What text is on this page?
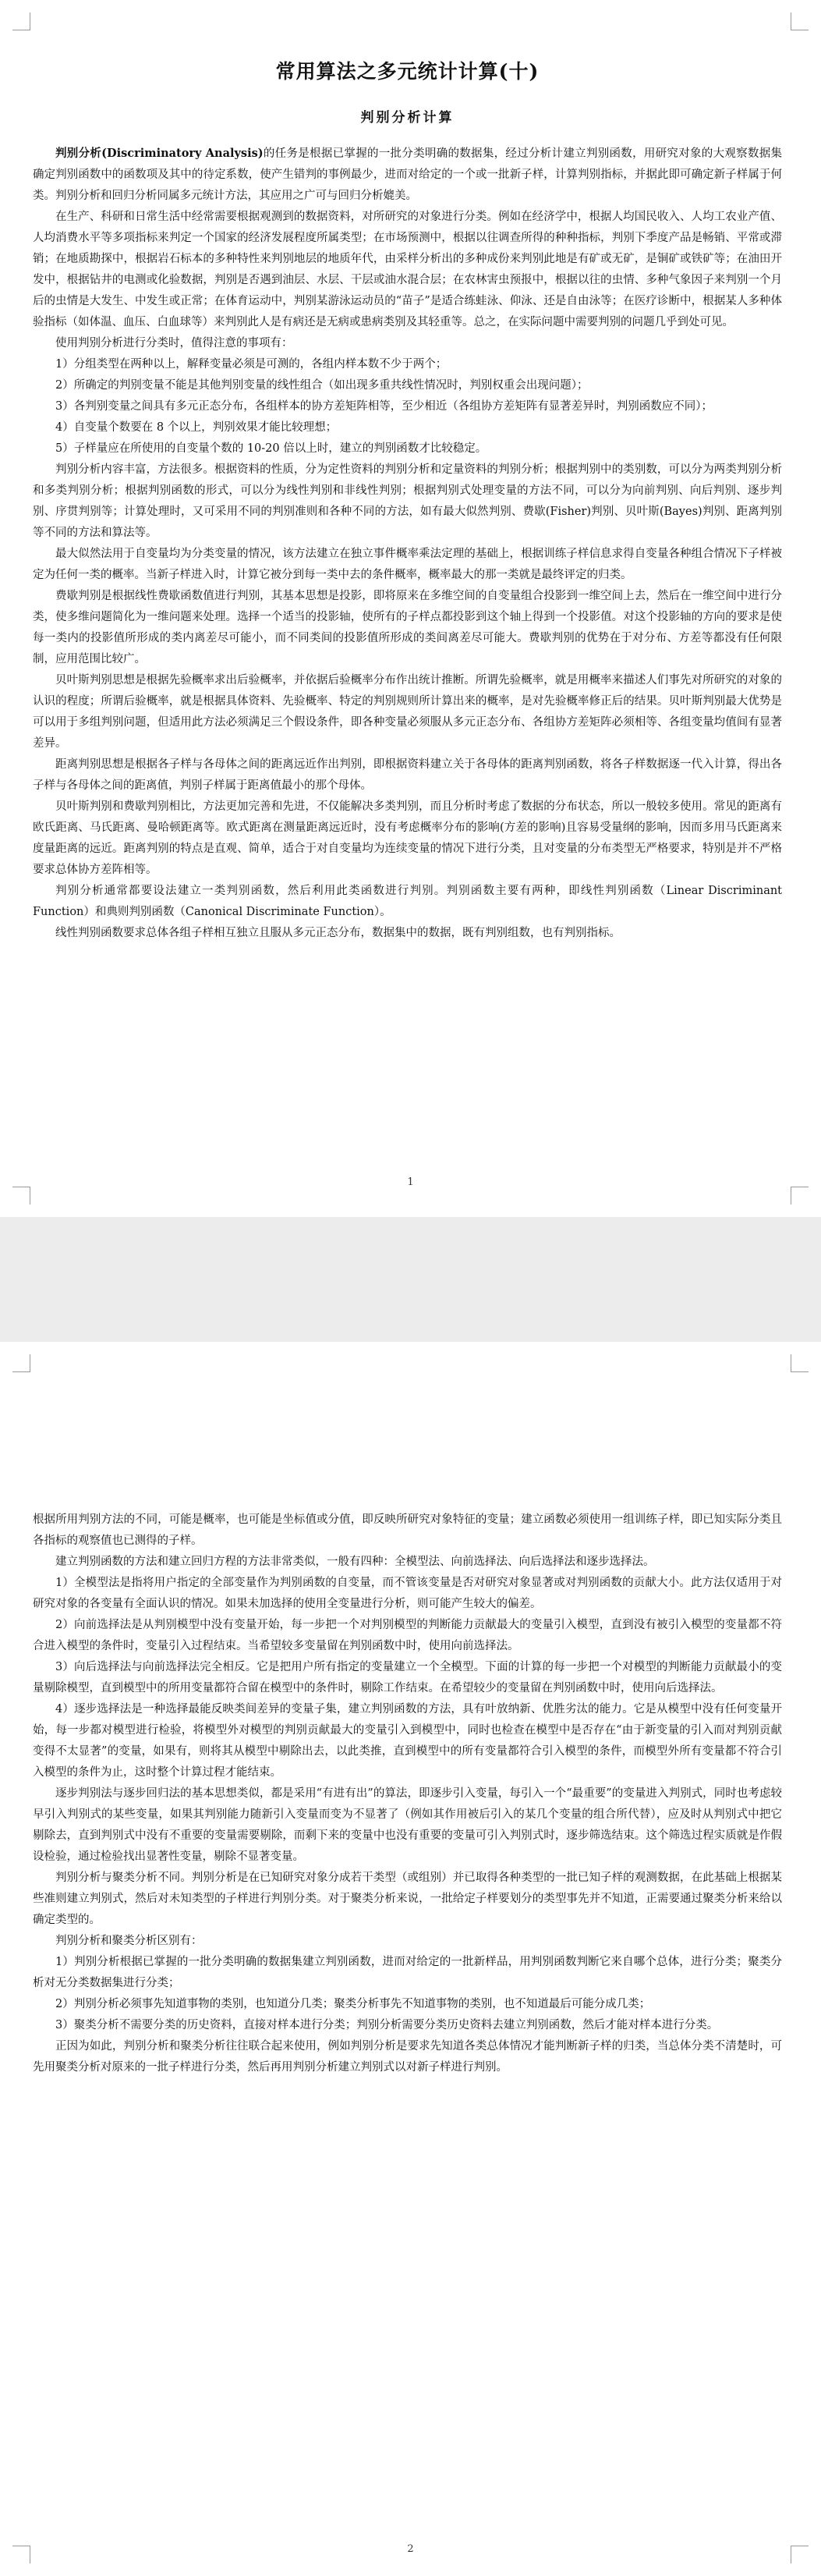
常用算法之多元统计计算(十)
判别分析计算

判别分析(Discriminatory Analysis)的任务是根据已掌握的一批分类明确的数据集，经过分析计建立判别函数，用研究对象的大观察数据集确定判别函数中的函数项及其中的待定系数，使产生错判的事例最少，进而对给定的一个或一批新子样，计算判别指标，并据此即可确定新子样属于何类。判别分析和回归分析同属多元统计方法，其应用之广可与回归分析媲美。

在生产、科研和日常生活中经常需要根据观测到的数据资料，对所研究的对象进行分类。例如在经济学中，根据人均国民收入、人均工农业产值、人均消费水平等多项指标来判定一个国家的经济发展程度所属类型；在市场预测中，根据以往调查所得的种种指标，判别下季度产品是畅销、平常或滞销；在地质勘探中，根据岩石标本的多种特性来判别地层的地质年代，由采样分析出的多种成份来判别此地是有矿或无矿，是铜矿或铁矿等；在油田开发中，根据钻井的电测或化验数据，判别是否遇到油层、水层、干层或油水混合层；在农林害虫预报中，根据以往的虫情、多种气象因子来判别一个月后的虫情是大发生、中发生或正常；在体育运动中，判别某游泳运动员的“苗子”是适合练蛙泳、仰泳、还是自由泳等；在医疗诊断中，根据某人多种体验指标（如体温、血压、白血球等）来判别此人是有病还是无病或患病类别及其轻重等。总之，在实际问题中需要判别的问题几乎到处可见。

使用判别分析进行分类时，值得注意的事项有：

1）分组类型在两种以上，解释变量必须是可测的，各组内样本数不少于两个；

2）所确定的判别变量不能是其他判别变量的线性组合（如出现多重共线性情况时，判别权重会出现问题）；

3）各判别变量之间具有多元正态分布，各组样本的协方差矩阵相等，至少相近（各组协方差矩阵有显著差异时，判别函数应不同）；

4）自变量个数要在 8 个以上，判别效果才能比较理想；

5）子样量应在所使用的自变量个数的 10-20 倍以上时，建立的判别函数才比较稳定。

判别分析内容丰富，方法很多。根据资料的性质，分为定性资料的判别分析和定量资料的判别分析；根据判别中的类别数，可以分为两类判别分析和多类判别分析；根据判别函数的形式，可以分为线性判别和非线性判别；根据判别式处理变量的方法不同，可以分为向前判别、向后判别、逐步判别、序贯判别等；计算处理时，又可采用不同的判别准则和各种不同的方法，如有最大似然判别、费歇(Fisher)判别、贝叶斯(Bayes)判别、距离判别等不同的方法和算法等。

最大似然法用于自变量均为分类变量的情况，该方法建立在独立事件概率乘法定理的基础上，根据训练子样信息求得自变量各种组合情况下子样被定为任何一类的概率。当新子样进入时，计算它被分到每一类中去的条件概率，概率最大的那一类就是最终评定的归类。

费歇判别是根据线性费歇函数值进行判别，其基本思想是投影，即将原来在多维空间的自变量组合投影到一维空间上去，然后在一维空间中进行分类，使多维问题简化为一维问题来处理。选择一个适当的投影轴，使所有的子样点都投影到这个轴上得到一个投影值。对这个投影轴的方向的要求是使每一类内的投影值所形成的类内离差尽可能小，而不同类间的投影值所形成的类间离差尽可能大。费歇判别的优势在于对分布、方差等都没有任何限制，应用范围比较广。

贝叶斯判别思想是根据先验概率求出后验概率，并依据后验概率分布作出统计推断。所谓先验概率，就是用概率来描述人们事先对所研究的对象的认识的程度；所谓后验概率，就是根据具体资料、先验概率、特定的判别规则所计算出来的概率，是对先验概率修正后的结果。贝叶斯判别最大优势是可以用于多组判别问题，但适用此方法必须满足三个假设条件，即各种变量必须服从多元正态分布、各组协方差矩阵必须相等、各组变量均值间有显著差异。

距离判别思想是根据各子样与各母体之间的距离远近作出判别，即根据资料建立关于各母体的距离判别函数，将各子样数据逐一代入计算，得出各子样与各母体之间的距离值，判别子样属于距离值最小的那个母体。

贝叶斯判别和费歇判别相比，方法更加完善和先进，不仅能解决多类判别，而且分析时考虑了数据的分布状态，所以一般较多使用。常见的距离有欧氏距离、马氏距离、曼哈顿距离等。欧式距离在测量距离远近时，没有考虑概率分布的影响(方差的影响)且容易受量纲的影响，因而多用马氏距离来度量距离的远近。距离判别的特点是直观、简单，适合于对自变量均为连续变量的情况下进行分类，且对变量的分布类型无严格要求，特别是并不严格要求总体协方差阵相等。

判别分析通常都要设法建立一类判别函数，然后利用此类函数进行判别。判别函数主要有两种，即线性判别函数（Linear Discriminant Function）和典则判别函数（Canonical Discriminate Function）。

线性判别函数要求总体各组子样相互独立且服从多元正态分布，数据集中的数据，既有判别组数，也有判别指标。

1

根据所用判别方法的不同，可能是概率，也可能是坐标值或分值，即反映所研究对象特征的变量；建立函数必须使用一组训练子样，即已知实际分类且各指标的观察值也已测得的子样。

建立判别函数的方法和建立回归方程的方法非常类似，一般有四种：全模型法、向前选择法、向后选择法和逐步选择法。

1）全模型法是指将用户指定的全部变量作为判别函数的自变量，而不管该变量是否对研究对象显著或对判别函数的贡献大小。此方法仅适用于对研究对象的各变量有全面认识的情况。如果未加选择的使用全变量进行分析，则可能产生较大的偏差。

2）向前选择法是从判别模型中没有变量开始，每一步把一个对判别模型的判断能力贡献最大的变量引入模型，直到没有被引入模型的变量都不符合进入模型的条件时，变量引入过程结束。当希望较多变量留在判别函数中时，使用向前选择法。

3）向后选择法与向前选择法完全相反。它是把用户所有指定的变量建立一个全模型。下面的计算的每一步把一个对模型的判断能力贡献最小的变量剔除模型，直到模型中的所用变量都符合留在模型中的条件时，剔除工作结束。在希望较少的变量留在判别函数中时，使用向后选择法。

4）逐步选择法是一种选择最能反映类间差异的变量子集，建立判别函数的方法，具有叶放纳新、优胜劣汰的能力。它是从模型中没有任何变量开始，每一步都对模型进行检验，将模型外对模型的判别贡献最大的变量引入到模型中，同时也检查在模型中是否存在“由于新变量的引入而对判别贡献变得不太显著”的变量，如果有，则将其从模型中剔除出去，以此类推，直到模型中的所有变量都符合引入模型的条件，而模型外所有变量都不符合引入模型的条件为止，这时整个计算过程才能结束。

逐步判别法与逐步回归法的基本思想类似，都是采用“有进有出”的算法，即逐步引入变量，每引入一个“最重要”的变量进入判别式，同时也考虑较早引入判别式的某些变量，如果其判别能力随新引入变量而变为不显著了（例如其作用被后引入的某几个变量的组合所代替），应及时从判别式中把它剔除去，直到判别式中没有不重要的变量需要剔除，而剩下来的变量中也没有重要的变量可引入判别式时，逐步筛选结束。这个筛选过程实质就是作假设检验，通过检验找出显著性变量，剔除不显著变量。

判别分析与聚类分析不同。判别分析是在已知研究对象分成若干类型（或组别）并已取得各种类型的一批已知子样的观测数据，在此基础上根据某些准则建立判别式，然后对未知类型的子样进行判别分类。对于聚类分析来说，一批给定子样要划分的类型事先并不知道，正需要通过聚类分析来给以确定类型的。

判别分析和聚类分析区别有：

1）判别分析根据已掌握的一批分类明确的数据集建立判别函数，进而对给定的一批新样品，用判别函数判断它来自哪个总体，进行分类；聚类分析对无分类数据集进行分类；

2）判别分析必须事先知道事物的类别，也知道分几类；聚类分析事先不知道事物的类别，也不知道最后可能分成几类；

3）聚类分析不需要分类的历史资料，直接对样本进行分类；判别分析需要分类历史资料去建立判别函数，然后才能对样本进行分类。

正因为如此，判别分析和聚类分析往往联合起来使用，例如判别分析是要求先知道各类总体情况才能判断新子样的归类，当总体分类不清楚时，可先用聚类分析对原来的一批子样进行分类，然后再用判别分析建立判别式以对新子样进行判别。

2
